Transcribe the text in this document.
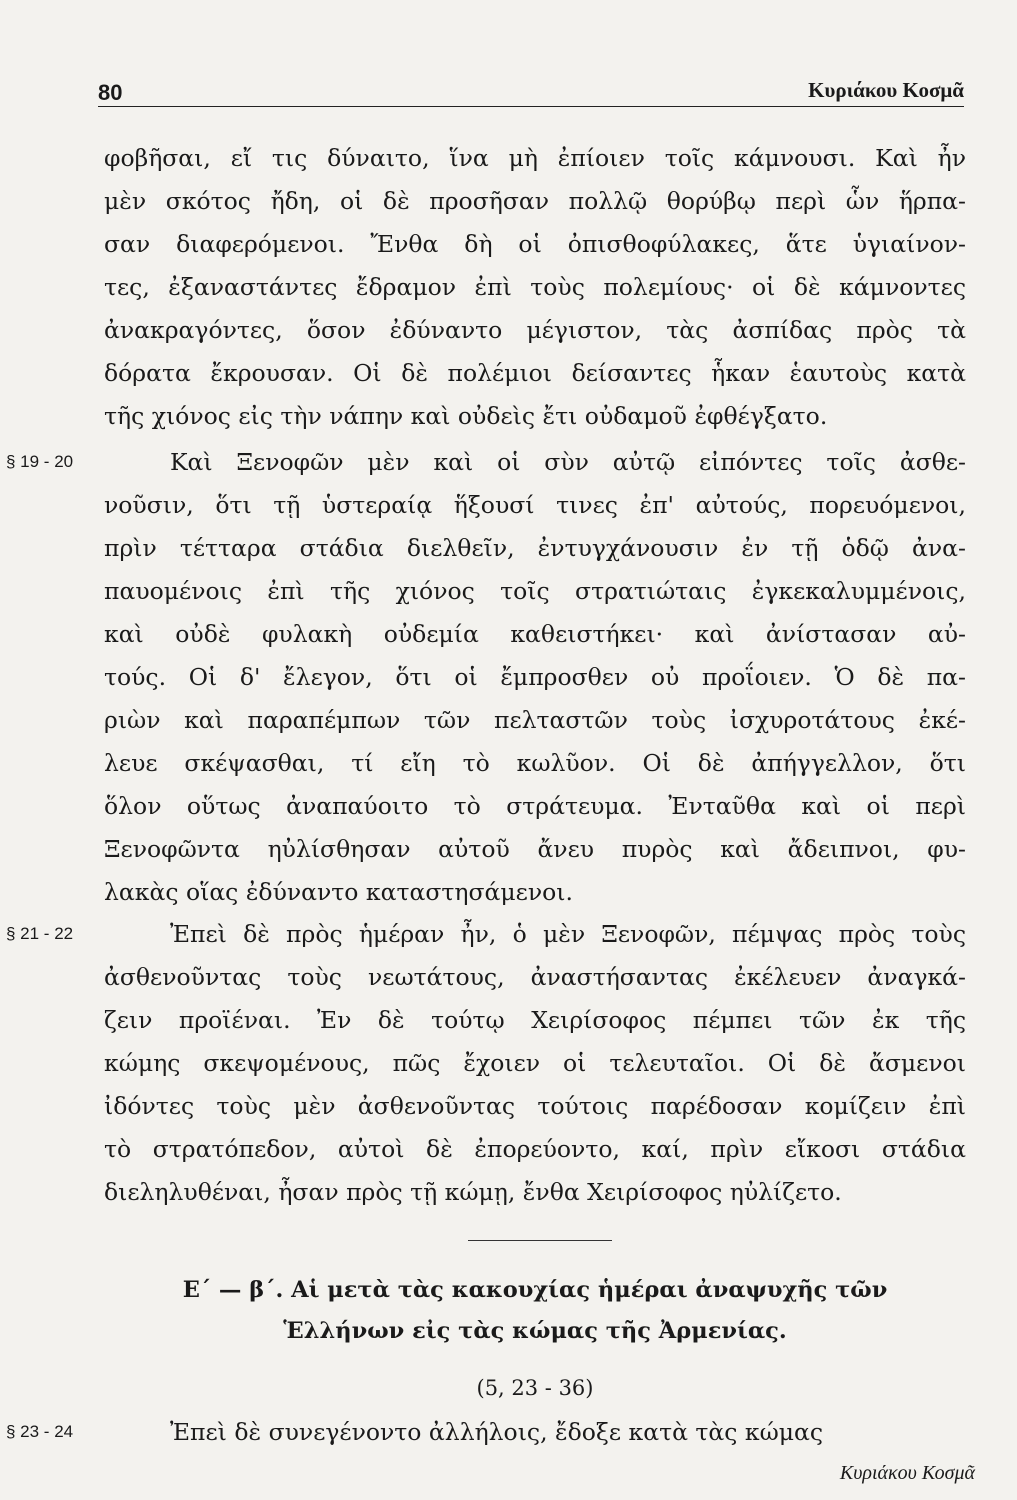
80	Κυριάκου Κοσμᾶ
φοβῆσαι, εἴ τις δύναιτο, ἵνα μὴ ἐπίοιεν τοῖς κάμνουσι. Καὶ ἦν
μὲν σκότος ἤδη, οἱ δὲ προσῆσαν πολλῷ θορύβῳ περὶ ὧν ἥρπα-
σαν διαφερόμενοι. Ἔνθα δὴ οἱ ὀπισθοφύλακες, ἅτε ὑγιαίνον-
τες, ἐξαναστάντες ἔδραμον ἐπὶ τοὺς πολεμίους· οἱ δὲ κάμνοντες
ἀνακραγόντες, ὅσον ἐδύναντο μέγιστον, τὰς ἀσπίδας πρὸς τὰ
δόρατα ἔκρουσαν. Οἱ δὲ πολέμιοι δείσαντες ἧκαν ἑαυτοὺς κατὰ
τῆς χιόνος εἰς τὴν νάπην καὶ οὐδεὶς ἔτι οὐδαμοῦ ἐφθέγξατο.
§ 19 - 20	Καὶ Ξενοφῶν μὲν καὶ οἱ σὺν αὐτῷ εἰπόντες τοῖς ἀσθε-
νοῦσιν, ὅτι τῇ ὑστεραίᾳ ἥξουσί τινες ἐπ' αὐτούς, πορευόμενοι,
πρὶν τέτταρα στάδια διελθεῖν, ἐντυγχάνουσιν ἐν τῇ ὁδῷ ἀνα-
παυομένοις ἐπὶ τῆς χιόνος τοῖς στρατιώταις ἐγκεκαλυμμένοις,
καὶ οὐδὲ φυλακὴ οὐδεμία καθειστήκει· καὶ ἀνίστασαν αὐ-
τούς. Οἱ δ' ἔλεγον, ὅτι οἱ ἔμπροσθεν οὐ προΐοιεν. Ὁ δὲ πα-
ριὼν καὶ παραπέμπων τῶν πελταστῶν τοὺς ἰσχυροτάτους ἐκέ-
λευε σκέψασθαι, τί εἴη τὸ κωλῦον. Οἱ δὲ ἀπήγγελλον, ὅτι
ὅλον οὕτως ἀναπαύοιτο τὸ στράτευμα. Ἐνταῦθα καὶ οἱ περὶ
Ξενοφῶντα ηὐλίσθησαν αὐτοῦ ἄνευ πυρὸς καὶ ἄδειπνοι, φυ-
λακὰς οἵας ἐδύναντο καταστησάμενοι.
§ 21 - 22	Ἐπεὶ δὲ πρὸς ἡμέραν ἦν, ὁ μὲν Ξενοφῶν, πέμψας πρὸς τοὺς
ἀσθενοῦντας τοὺς νεωτάτους, ἀναστήσαντας ἐκέλευεν ἀναγκά-
ζειν προϊέναι. Ἐν δὲ τούτῳ Χειρίσοφος πέμπει τῶν ἐκ τῆς
κώμης σκεψομένους, πῶς ἔχοιεν οἱ τελευταῖοι. Οἱ δὲ ἄσμενοι
ἰδόντες τοὺς μὲν ἀσθενοῦντας τούτοις παρέδοσαν κομίζειν ἐπὶ
τὸ στρατόπεδον, αὐτοὶ δὲ ἐπορεύοντο, καί, πρὶν εἴκοσι στάδια
διεληλυθέναι, ἦσαν πρὸς τῇ κώμῃ, ἔνθα Χειρίσοφος ηὐλίζετο.
Ε΄ — β΄. Αἱ μετὰ τὰς κακουχίας ἡμέραι ἀναψυχῆς τῶν
Ἑλλήνων εἰς τὰς κώμας τῆς Ἀρμενίας.
(5, 23 - 36)
§ 23 - 24	Ἐπεὶ δὲ συνεγένοντο ἀλλήλοις, ἔδοξε κατὰ τὰς κώμας
Κυριάκου Κοσμᾶ
